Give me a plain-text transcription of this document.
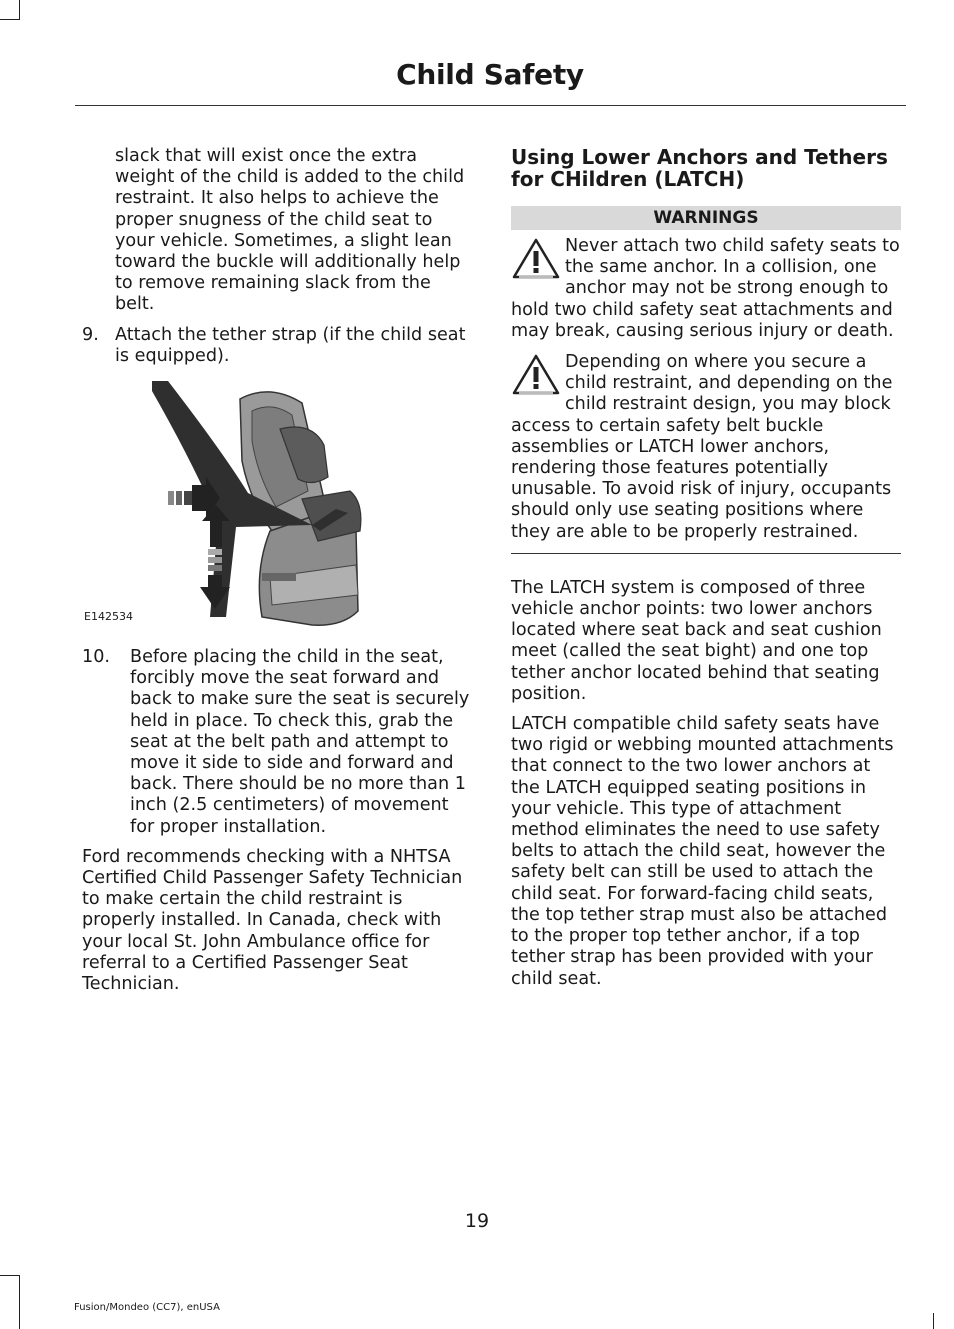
Child Safety

slack that will exist once the extra weight of the child is added to the child restraint. It also helps to achieve the proper snugness of the child seat to your vehicle. Sometimes, a slight lean toward the buckle will additionally help to remove remaining slack from the belt.

9. Attach the tether strap (if the child seat is equipped).
E142534
10.	Before placing the child in the seat, forcibly move the seat forward and back to make sure the seat is securely held in place. To check this, grab the seat at the belt path and attempt to move it side to side and forward and back. There should be no more than 1 inch (2.5 centimeters) of movement for proper installation.

Ford recommends checking with a NHTSA Certified Child Passenger Safety Technician to make certain the child restraint is properly installed. In Canada, check with your local St. John Ambulance office for referral to a Certified Passenger Seat Technician.

Using Lower Anchors and Tethers for CHildren (LATCH)
WARNINGS
Never attach two child safety seats to the same anchor. In a collision, one anchor may not be strong enough to hold two child safety seat attachments and may break, causing serious injury or death.
Depending on where you secure a child restraint, and depending on the child restraint design, you may block access to certain safety belt buckle assemblies or LATCH lower anchors, rendering those features potentially unusable. To avoid risk of injury, occupants should only use seating positions where they are able to be properly restrained.

The LATCH system is composed of three vehicle anchor points: two lower anchors located where seat back and seat cushion meet (called the seat bight) and one top tether anchor located behind that seating position.

LATCH compatible child safety seats have two rigid or webbing mounted attachments that connect to the two lower anchors at the LATCH equipped seating positions in your vehicle. This type of attachment method eliminates the need to use safety belts to attach the child seat, however the safety belt can still be used to attach the child seat. For forward-facing child seats, the top tether strap must also be attached to the proper top tether anchor, if a top tether strap has been provided with your child seat.

19
Fusion/Mondeo (CC7), enUSA
